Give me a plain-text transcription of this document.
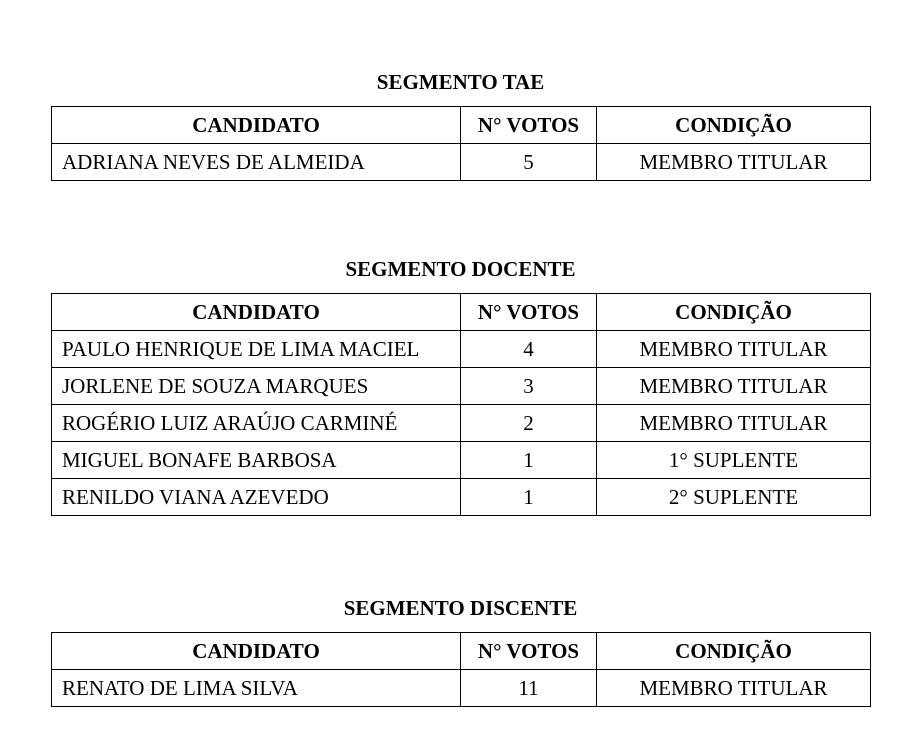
SEGMENTO TAE
CANDIDATO	N° VOTOS	CONDIÇÃO
ADRIANA NEVES DE ALMEIDA	5	MEMBRO TITULAR
SEGMENTO DOCENTE
CANDIDATO	N° VOTOS	CONDIÇÃO
PAULO HENRIQUE DE LIMA MACIEL	4	MEMBRO TITULAR
JORLENE DE SOUZA MARQUES	3	MEMBRO TITULAR
ROGÉRIO LUIZ ARAÚJO CARMINÉ	2	MEMBRO TITULAR
MIGUEL BONAFE BARBOSA	1	1° SUPLENTE
RENILDO VIANA AZEVEDO	1	2° SUPLENTE
SEGMENTO DISCENTE
CANDIDATO	N° VOTOS	CONDIÇÃO
RENATO DE LIMA SILVA	11	MEMBRO TITULAR
